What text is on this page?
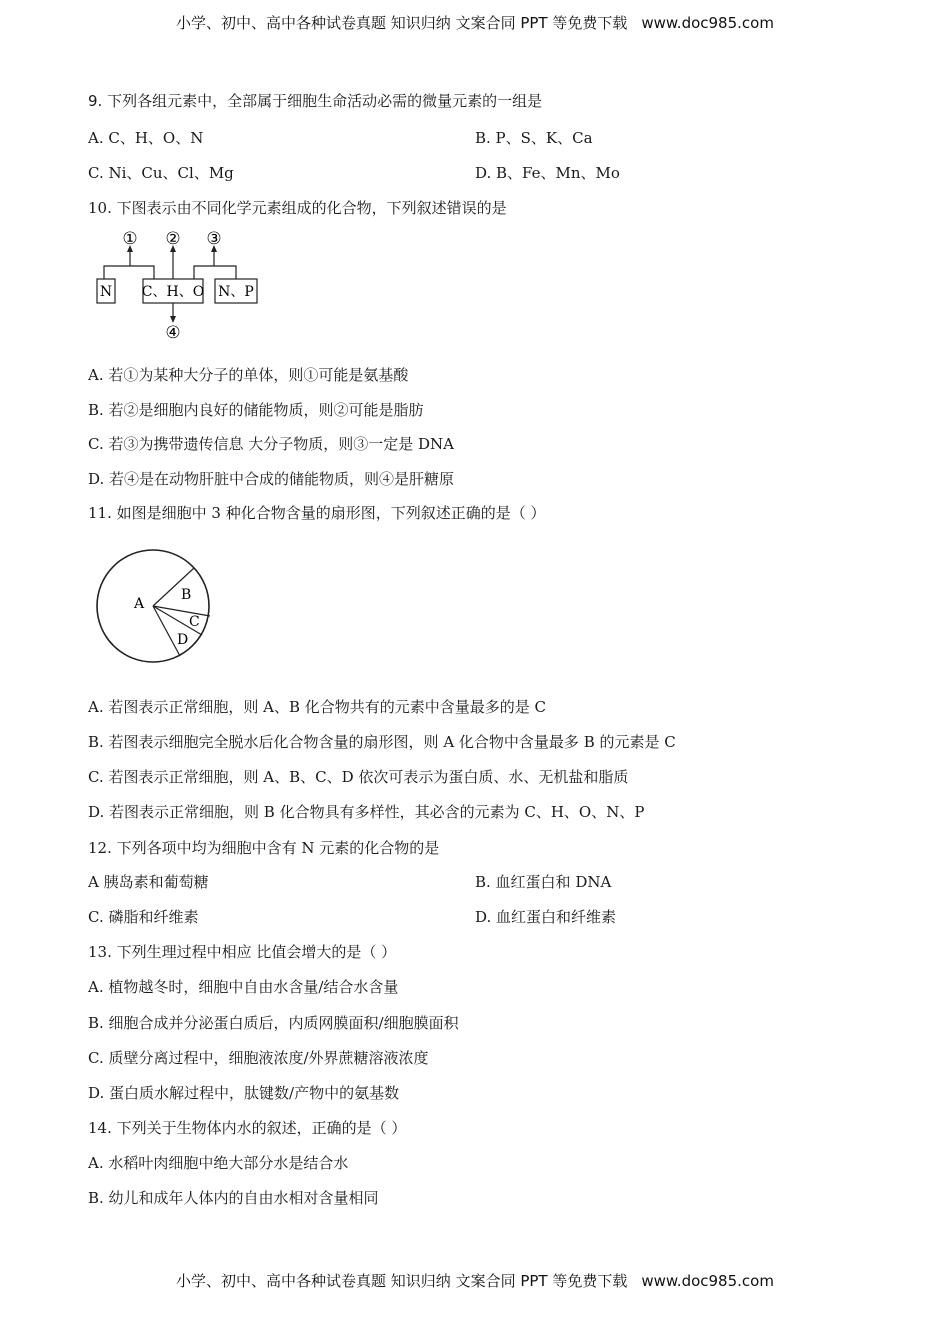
小学、初中、高中各种试卷真题 知识归纳 文案合同 PPT 等免费下载 www.doc985.com
9. 下列各组元素中，全部属于细胞生命活动必需的微量元素的一组是
A. C、H、O、N	B. P、S、K、Ca
C. Ni、Cu、Cl、Mg	D. B、Fe、Mn、Mo
10. 下图表示由不同化学元素组成的化合物，下列叙述错误的是
① ② ③
④
N C、H、O N、P
A. 若①为某种大分子的单体，则①可能是氨基酸
B. 若②是细胞内良好的储能物质，则②可能是脂肪
C. 若③为携带遗传信息 大分子物质，则③一定是 DNA
D. 若④是在动物肝脏中合成的储能物质，则④是肝糖原
11. 如图是细胞中 3 种化合物含量的扇形图，下列叙述正确的是（ ）
A
B
C
D
A. 若图表示正常细胞，则 A、B 化合物共有的元素中含量最多的是 C
B. 若图表示细胞完全脱水后化合物含量的扇形图，则 A 化合物中含量最多 B 的元素是 C
C. 若图表示正常细胞，则 A、B、C、D 依次可表示为蛋白质、水、无机盐和脂质
D. 若图表示正常细胞，则 B 化合物具有多样性，其必含的元素为 C、H、O、N、P
12. 下列各项中均为细胞中含有 N 元素的化合物的是
A 胰岛素和葡萄糖	B. 血红蛋白和 DNA
C. 磷脂和纤维素	D. 血红蛋白和纤维素
13. 下列生理过程中相应 比值会增大的是（ ）
A. 植物越冬时，细胞中自由水含量/结合水含量
B. 细胞合成并分泌蛋白质后，内质网膜面积/细胞膜面积
C. 质壁分离过程中，细胞液浓度/外界蔗糖溶液浓度
D. 蛋白质水解过程中，肽键数/产物中的氨基数
14. 下列关于生物体内水的叙述，正确的是（ ）
A. 水稻叶肉细胞中绝大部分水是结合水
B. 幼儿和成年人体内的自由水相对含量相同
小学、初中、高中各种试卷真题 知识归纳 文案合同 PPT 等免费下载 www.doc985.com
